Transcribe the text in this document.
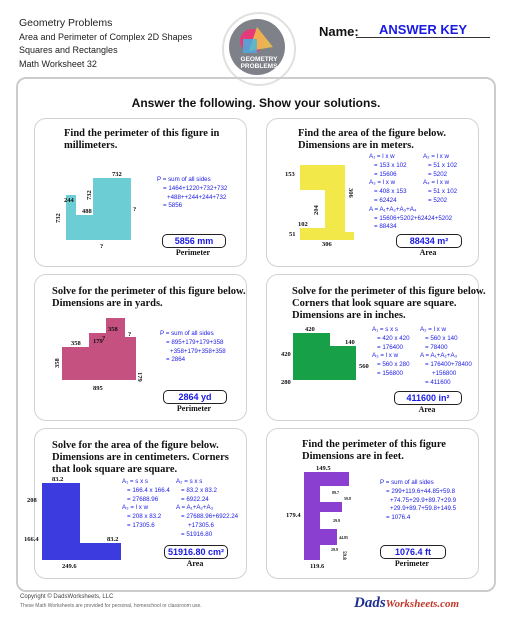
Geometry Problems
Area and Perimeter of Complex 2D Shapes
Squares and Rectangles
Math Worksheet 32	GEOMETRY PROBLEMS
Name:	ANSWER KEY
Answer the following. Show your solutions.
Find the perimeter of this figure in
millimeters.
732
732
732
488
244
?
?
P = sum of all sides
= 1464+1220+732+732
+488++244+244+732
= 5856
5856 mm
Perimeter
Find the area of the figure below.
Dimensions are in meters.
153
306
204
102
51
306
A₁ = l x w
= 153 x 102
= 15606
A₃ = l x w
= 408 x 153
= 62424
A = A₁+A₂+A₃+A₄
= 15606+5202+62424+5202
= 88434
A₂ = l x w
= 51 x 102
= 5202
A₄ = l x w
= 51 x 102
= 5202
88434 m²
Area
Solve for the perimeter of this figure below.
Dimensions are in yards.
358
358
358
179
179
895
?
?	P = sum of all sides
= 895+179+179+358
+358+179+358+358
= 2864
2864 yd
Perimeter
Solve for the perimeter of this figure below.
Corners that look square are square.
Dimensions are in inches.
420
420
140
560
280
A₁ = s x s
= 420 x 420
= 176400
A₃ = l x w
= 560 x 280
= 156800
A₂ = l x w
= 560 x 140
= 78400
A = A₁+A₂+A₃
= 176400+78400
+156800
= 411600
411600 in²
Area
Solve for the area of the figure below.
Dimensions are in centimeters. Corners
that look square are square.
83.2
208
166.4	83.2
249.6
A₁ = s x s
= 166.4 x 166.4
= 27688.96
A₃ = l x w
= 208 x 83.2
= 17305.6
A₂ = s x s
= 83.2 x 83.2
= 6922.24
A = A₁+A₂+A₃
= 27688.96+6922.24
+17305.6
= 51916.80
51916.80 cm²
Area
Find the perimeter of this figure
Dimensions are in feet.
149.5
179.4
119.6
89.7
59.8
29.9
44.85
29.9
59.8
P = sum of all sides
= 299+119.6+44.85+59.8
+74.75+29.9+89.7+29.9
+29.9+89.7+59.8+149.5
= 1076.4
1076.4 ft
Perimeter
Copyright © DadsWorksheets, LLC
These Math Worksheets are provided for personal, homeschool or classroom use.	DadsWorksheets.com
